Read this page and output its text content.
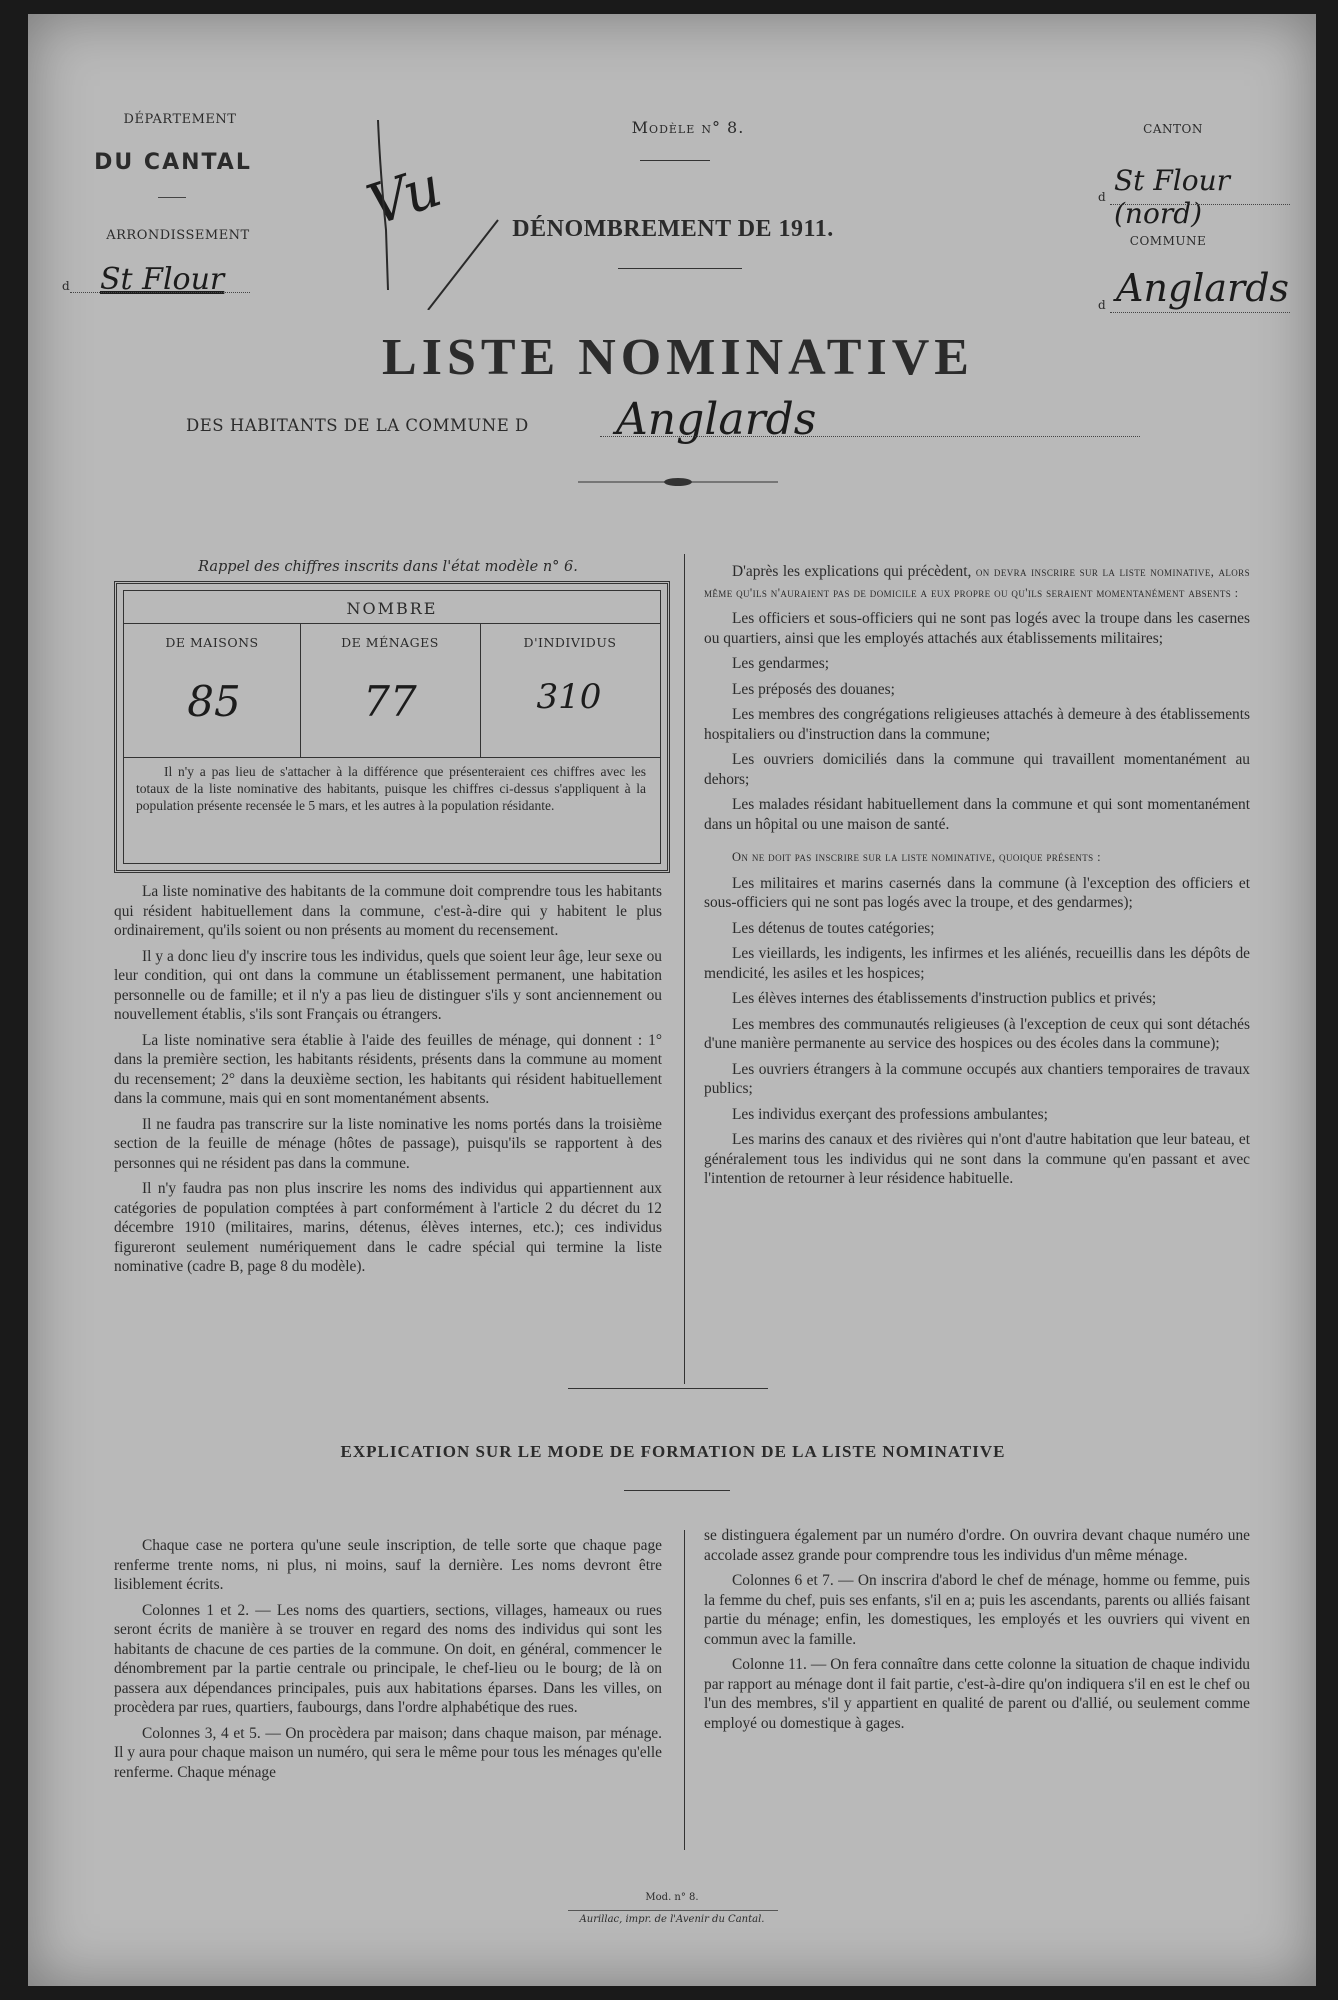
DÉPARTEMENT
DU CANTAL
ARRONDISSEMENT
d St Flour
Vu
Modèle n° 8.
DÉNOMBREMENT DE 1911.
CANTON
d St Flour (nord)
COMMUNE
d Anglards
LISTE NOMINATIVE
DES HABITANTS DE LA COMMUNE D	Anglards
Rappel des chiffres inscrits dans l'état modèle n° 6.
NOMBRE
DE MAISONS	DE MÉNAGES	D'INDIVIDUS
85	77	310
Il n'y a pas lieu de s'attacher à la différence que présenteraient ces chiffres avec les totaux de la liste nominative des habitants, puisque les chiffres ci-dessus s'appliquent à la population présente recensée le 5 mars, et les autres à la population résidante.

La liste nominative des habitants de la commune doit comprendre tous les habitants qui résident habituellement dans la commune, c'est-à-dire qui y habitent le plus ordinairement, qu'ils soient ou non présents au moment du recensement.

Il y a donc lieu d'y inscrire tous les individus, quels que soient leur âge, leur sexe ou leur condition, qui ont dans la commune un établissement permanent, une habitation personnelle ou de famille; et il n'y a pas lieu de distinguer s'ils y sont anciennement ou nouvellement établis, s'ils sont Français ou étrangers.

La liste nominative sera établie à l'aide des feuilles de ménage, qui donnent : 1° dans la première section, les habitants résidents, présents dans la commune au moment du recensement; 2° dans la deuxième section, les habitants qui résident habituellement dans la commune, mais qui en sont momentanément absents.

Il ne faudra pas transcrire sur la liste nominative les noms portés dans la troisième section de la feuille de ménage (hôtes de passage), puisqu'ils se rapportent à des personnes qui ne résident pas dans la commune.

Il n'y faudra pas non plus inscrire les noms des individus qui appartiennent aux catégories de population comptées à part conformément à l'article 2 du décret du 12 décembre 1910 (militaires, marins, détenus, élèves internes, etc.); ces individus figureront seulement numériquement dans le cadre spécial qui termine la liste nominative (cadre B, page 8 du modèle).

D'après les explications qui précèdent, on devra inscrire sur la liste nominative, alors même qu'ils n'auraient pas de domicile a eux propre ou qu'ils seraient momentanément absents :

Les officiers et sous-officiers qui ne sont pas logés avec la troupe dans les casernes ou quartiers, ainsi que les employés attachés aux établissements militaires;

Les gendarmes;

Les préposés des douanes;

Les membres des congrégations religieuses attachés à demeure à des établissements hospitaliers ou d'instruction dans la commune;

Les ouvriers domiciliés dans la commune qui travaillent momentanément au dehors;

Les malades résidant habituellement dans la commune et qui sont momentanément dans un hôpital ou une maison de santé.

On ne doit pas inscrire sur la liste nominative, quoique présents :

Les militaires et marins casernés dans la commune (à l'exception des officiers et sous-officiers qui ne sont pas logés avec la troupe, et des gendarmes);

Les détenus de toutes catégories;

Les vieillards, les indigents, les infirmes et les aliénés, recueillis dans les dépôts de mendicité, les asiles et les hospices;

Les élèves internes des établissements d'instruction publics et privés;

Les membres des communautés religieuses (à l'exception de ceux qui sont détachés d'une manière permanente au service des hospices ou des écoles dans la commune);

Les ouvriers étrangers à la commune occupés aux chantiers temporaires de travaux publics;

Les individus exerçant des professions ambulantes;

Les marins des canaux et des rivières qui n'ont d'autre habitation que leur bateau, et généralement tous les individus qui ne sont dans la commune qu'en passant et avec l'intention de retourner à leur résidence habituelle.

EXPLICATION SUR LE MODE DE FORMATION DE LA LISTE NOMINATIVE

Chaque case ne portera qu'une seule inscription, de telle sorte que chaque page renferme trente noms, ni plus, ni moins, sauf la dernière. Les noms devront être lisiblement écrits.

Colonnes 1 et 2. — Les noms des quartiers, sections, villages, hameaux ou rues seront écrits de manière à se trouver en regard des noms des individus qui sont les habitants de chacune de ces parties de la commune. On doit, en général, commencer le dénombrement par la partie centrale ou principale, le chef-lieu ou le bourg; de là on passera aux dépendances principales, puis aux habitations éparses. Dans les villes, on procèdera par rues, quartiers, faubourgs, dans l'ordre alphabétique des rues.

Colonnes 3, 4 et 5. — On procèdera par maison; dans chaque maison, par ménage. Il y aura pour chaque maison un numéro, qui sera le même pour tous les ménages qu'elle renferme. Chaque ménage

se distinguera également par un numéro d'ordre. On ouvrira devant chaque numéro une accolade assez grande pour comprendre tous les individus d'un même ménage.

Colonnes 6 et 7. — On inscrira d'abord le chef de ménage, homme ou femme, puis la femme du chef, puis ses enfants, s'il en a; puis les ascendants, parents ou alliés faisant partie du ménage; enfin, les domestiques, les employés et les ouvriers qui vivent en commun avec la famille.

Colonne 11. — On fera connaître dans cette colonne la situation de chaque individu par rapport au ménage dont il fait partie, c'est-à-dire qu'on indiquera s'il en est le chef ou l'un des membres, s'il y appartient en qualité de parent ou d'allié, ou seulement comme employé ou domestique à gages.

Mod. n° 8.
Aurillac, impr. de l'Avenir du Cantal.
